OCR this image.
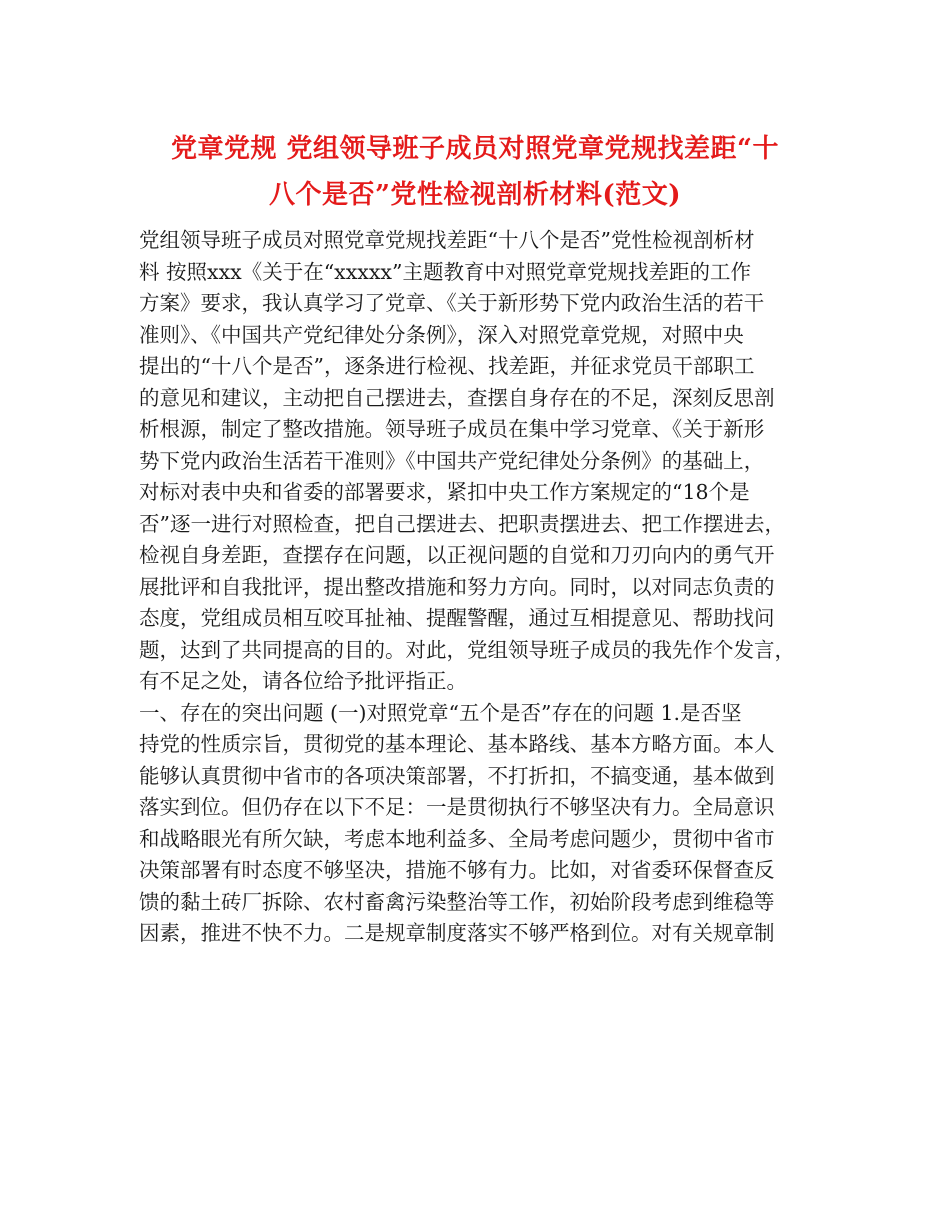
党章党规 党组领导班子成员对照党章党规找差距“十
八个是否”党性检视剖析材料(范文)
党组领导班子成员对照党章党规找差距“十八个是否”党性检视剖析材
料 按照xxx《关于在“xxxxx”主题教育中对照党章党规找差距的工作
方案》要求，我认真学习了党章、《关于新形势下党内政治生活的若干
准则》、《中国共产党纪律处分条例》，深入对照党章党规，对照中央
提出的“十八个是否”，逐条进行检视、找差距，并征求党员干部职工
的意见和建议，主动把自己摆进去，查摆自身存在的不足，深刻反思剖
析根源，制定了整改措施。领导班子成员在集中学习党章、《关于新形
势下党内政治生活若干准则》《中国共产党纪律处分条例》的基础上，
对标对表中央和省委的部署要求，紧扣中央工作方案规定的“18个是
否”逐一进行对照检查，把自己摆进去、把职责摆进去、把工作摆进去，
检视自身差距，查摆存在问题，以正视问题的自觉和刀刃向内的勇气开
展批评和自我批评，提出整改措施和努力方向。同时，以对同志负责的
态度，党组成员相互咬耳扯袖、提醒警醒，通过互相提意见、帮助找问
题，达到了共同提高的目的。对此，党组领导班子成员的我先作个发言，
有不足之处，请各位给予批评指正。
一、存在的突出问题 (一)对照党章“五个是否”存在的问题 1.是否坚
持党的性质宗旨，贯彻党的基本理论、基本路线、基本方略方面。本人
能够认真贯彻中省市的各项决策部署，不打折扣，不搞变通，基本做到
落实到位。但仍存在以下不足：一是贯彻执行不够坚决有力。全局意识
和战略眼光有所欠缺，考虑本地利益多、全局考虑问题少，贯彻中省市
决策部署有时态度不够坚决，措施不够有力。比如，对省委环保督查反
馈的黏土砖厂拆除、农村畜禽污染整治等工作，初始阶段考虑到维稳等
因素，推进不快不力。二是规章制度落实不够严格到位。对有关规章制
